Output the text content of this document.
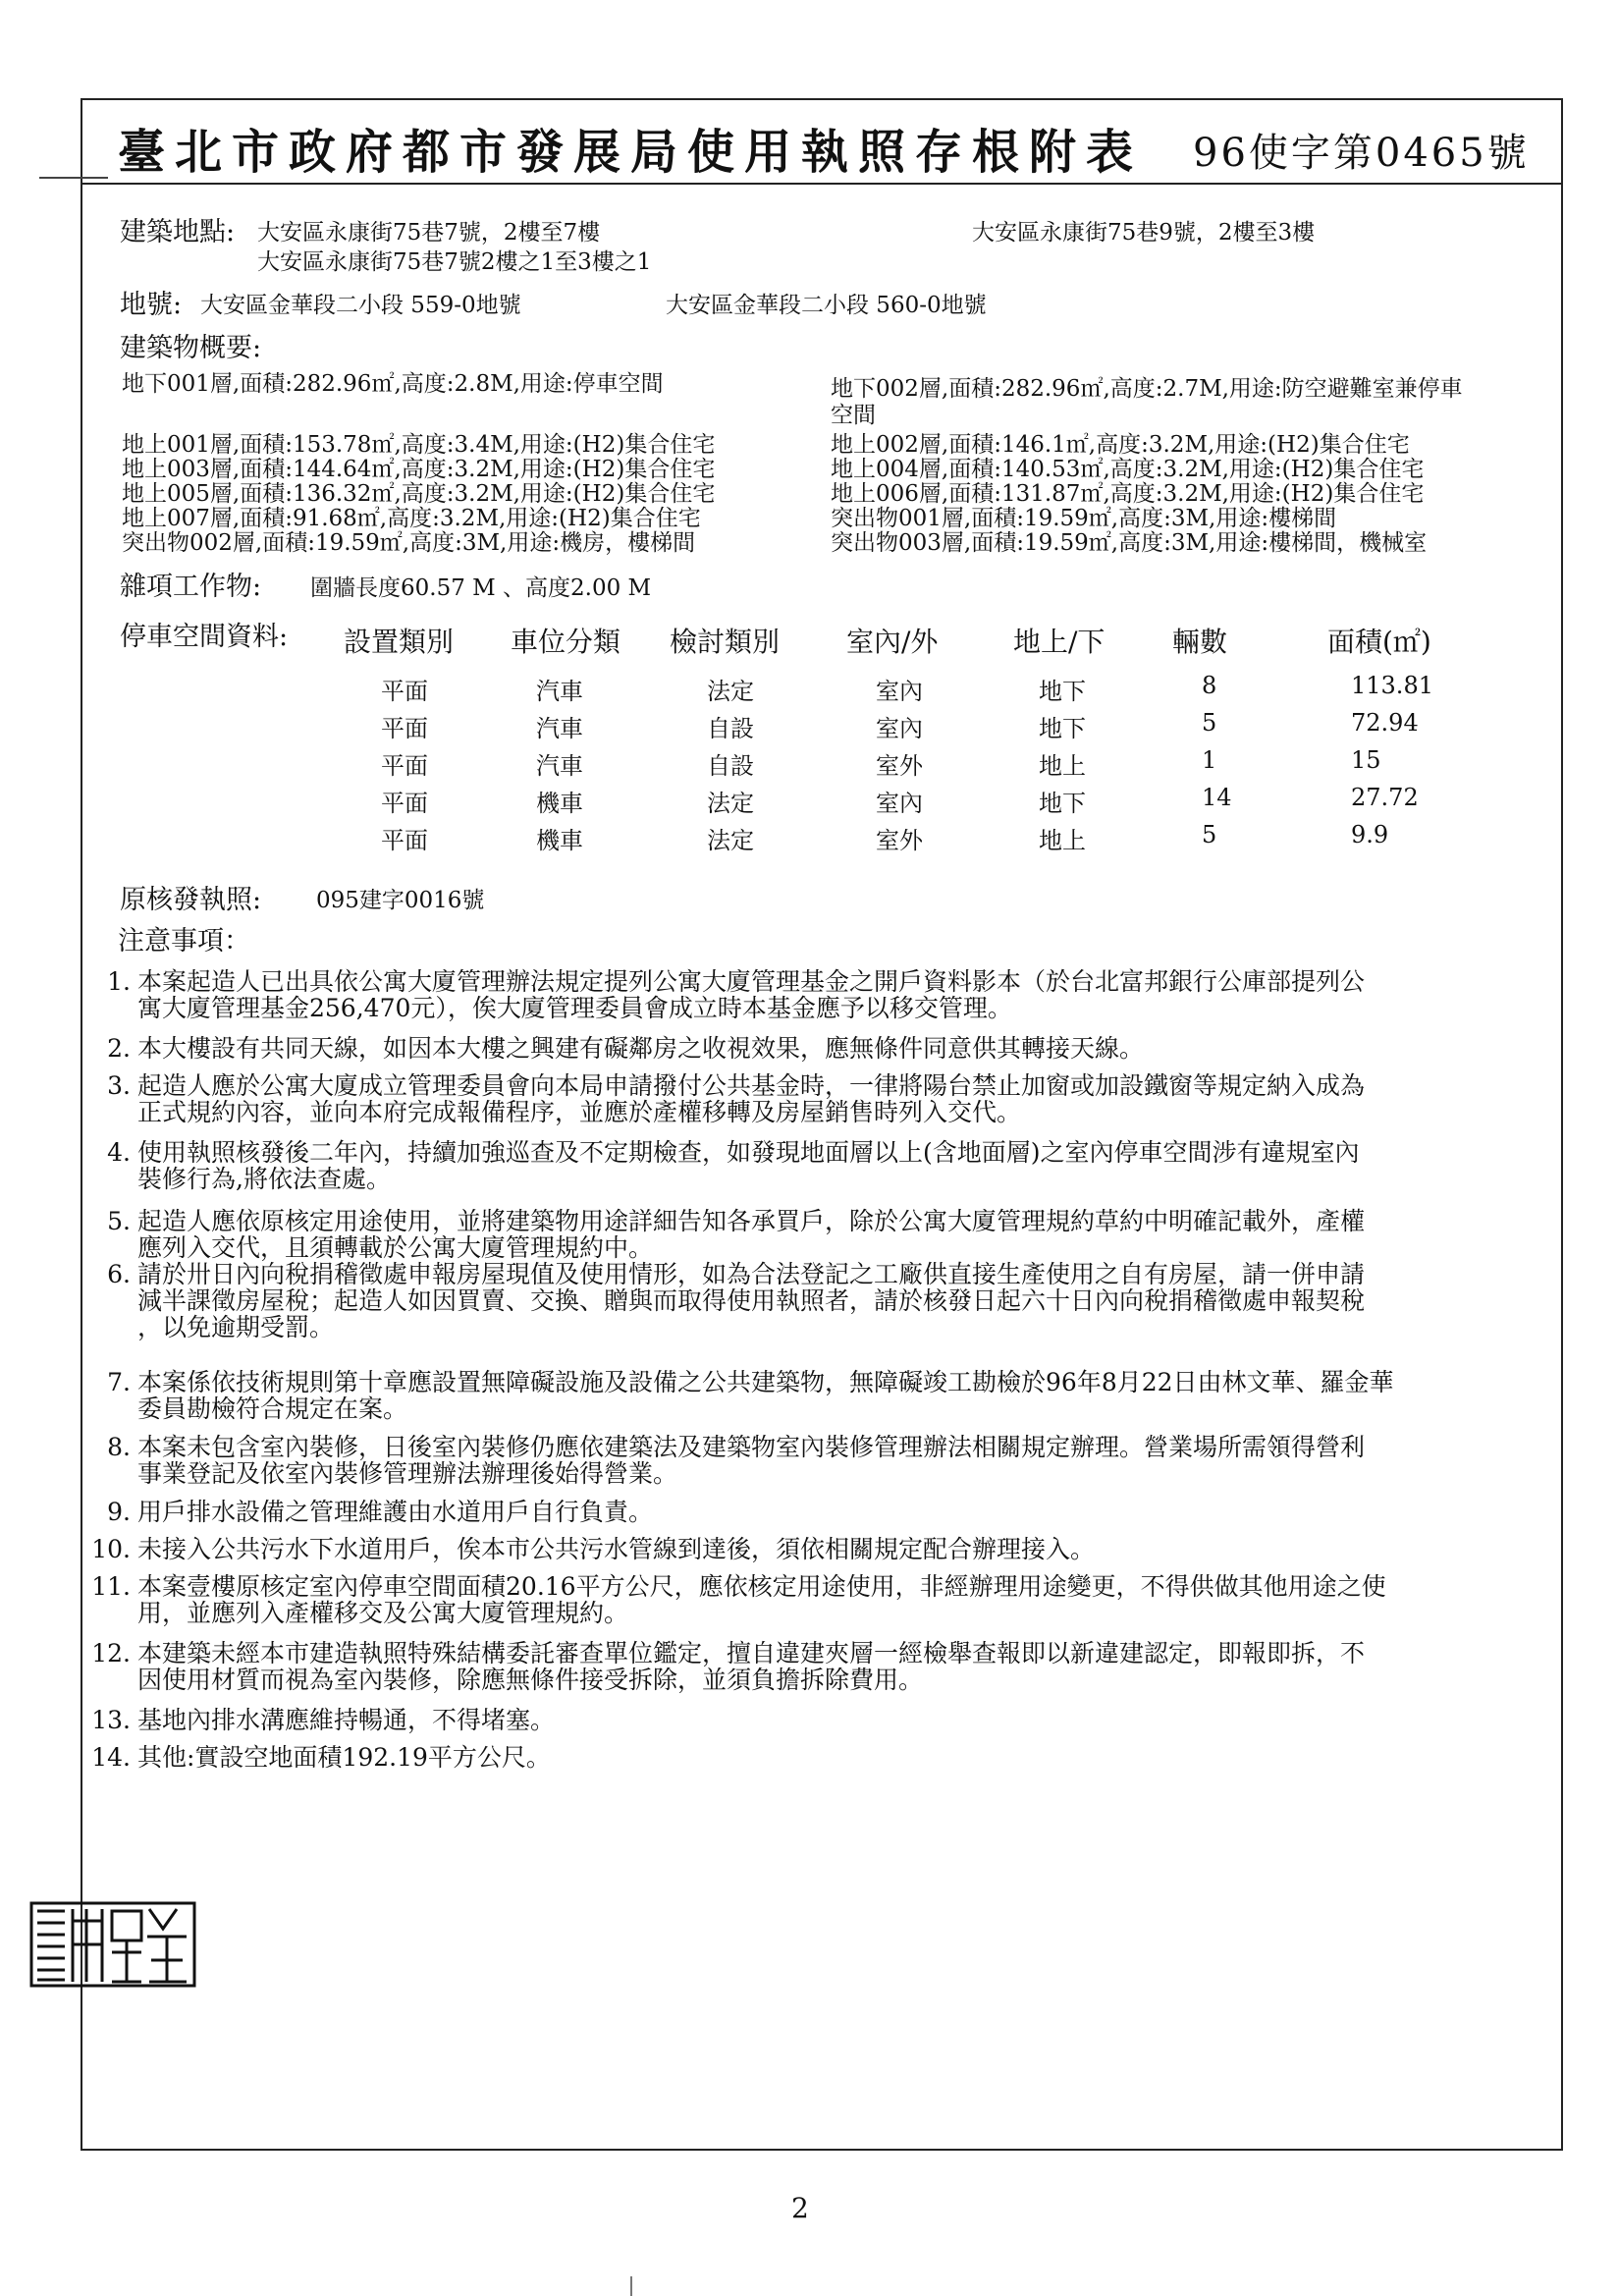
臺北市政府都市發展局使用執照存根附表 96使字第0465號
建築地點: 大安區永康街75巷7號，2樓至7樓	大安區永康街75巷9號，2樓至3樓
大安區永康街75巷7號2樓之1至3樓之1
地號: 大安區金華段二小段 559-0地號	大安區金華段二小段 560-0地號
建築物概要:
地下001層,面積:282.96㎡,高度:2.8M,用途:停車空間
地上001層,面積:153.78㎡,高度:3.4M,用途:(H2)集合住宅
地上003層,面積:144.64㎡,高度:3.2M,用途:(H2)集合住宅
地上005層,面積:136.32㎡,高度:3.2M,用途:(H2)集合住宅
地上007層,面積:91.68㎡,高度:3.2M,用途:(H2)集合住宅
突出物002層,面積:19.59㎡,高度:3M,用途:機房，樓梯間
地下002層,面積:282.96㎡,高度:2.7M,用途:防空避難室兼停車
空間
地上002層,面積:146.1㎡,高度:3.2M,用途:(H2)集合住宅
地上004層,面積:140.53㎡,高度:3.2M,用途:(H2)集合住宅
地上006層,面積:131.87㎡,高度:3.2M,用途:(H2)集合住宅
突出物001層,面積:19.59㎡,高度:3M,用途:樓梯間
突出物003層,面積:19.59㎡,高度:3M,用途:樓梯間，機械室
雜項工作物: 圍牆長度60.57 M 、高度2.00 M
停車空間資料: 設置類別 車位分類 檢討類別 室內/外	地上/下 輛數	面積(㎡)
平面	汽車	法定	室內	地下	8	113.81
平面	汽車	自設	室內	地下	5	72.94
平面	汽車	自設	室外	地上	1	15
平面	機車	法定	室內	地下	14	27.72
平面	機車	法定	室外	地上	5	9.9
原核發執照: 095建字0016號
注意事項：
1. 本案起造人已出具依公寓大廈管理辦法規定提列公寓大廈管理基金之開戶資料影本（於台北富邦銀行公庫部提列公
寓大廈管理基金256,470元），俟大廈管理委員會成立時本基金應予以移交管理。
2. 本大樓設有共同天線，如因本大樓之興建有礙鄰房之收視效果，應無條件同意供其轉接天線。
3. 起造人應於公寓大廈成立管理委員會向本局申請撥付公共基金時，一律將陽台禁止加窗或加設鐵窗等規定納入成為
正式規約內容，並向本府完成報備程序，並應於產權移轉及房屋銷售時列入交代。
4. 使用執照核發後二年內，持續加強巡查及不定期檢查，如發現地面層以上(含地面層)之室內停車空間涉有違規室內
裝修行為,將依法查處。
5. 起造人應依原核定用途使用，並將建築物用途詳細告知各承買戶，除於公寓大廈管理規約草約中明確記載外，產權
應列入交代，且須轉載於公寓大廈管理規約中。
6. 請於卅日內向稅捐稽徵處申報房屋現值及使用情形，如為合法登記之工廠供直接生產使用之自有房屋，請一併申請
減半課徵房屋稅；起造人如因買賣、交換、贈與而取得使用執照者，請於核發日起六十日內向稅捐稽徵處申報契稅
，以免逾期受罰。
7. 本案係依技術規則第十章應設置無障礙設施及設備之公共建築物，無障礙竣工勘檢於96年8月22日由林文華、羅金華
委員勘檢符合規定在案。
8. 本案未包含室內裝修，日後室內裝修仍應依建築法及建築物室內裝修管理辦法相關規定辦理。營業場所需領得營利
事業登記及依室內裝修管理辦法辦理後始得營業。
9. 用戶排水設備之管理維護由水道用戶自行負責。
10. 未接入公共污水下水道用戶，俟本市公共污水管線到達後，須依相關規定配合辦理接入。
11. 本案壹樓原核定室內停車空間面積20.16平方公尺，應依核定用途使用，非經辦理用途變更，不得供做其他用途之使
用，並應列入產權移交及公寓大廈管理規約。
12. 本建築未經本市建造執照特殊結構委託審查單位鑑定，擅自違建夾層一經檢舉查報即以新違建認定，即報即拆，不
因使用材質而視為室內裝修，除應無條件接受拆除，並須負擔拆除費用。
13. 基地內排水溝應維持暢通，不得堵塞。
14. 其他:實設空地面積192.19平方公尺。
2
